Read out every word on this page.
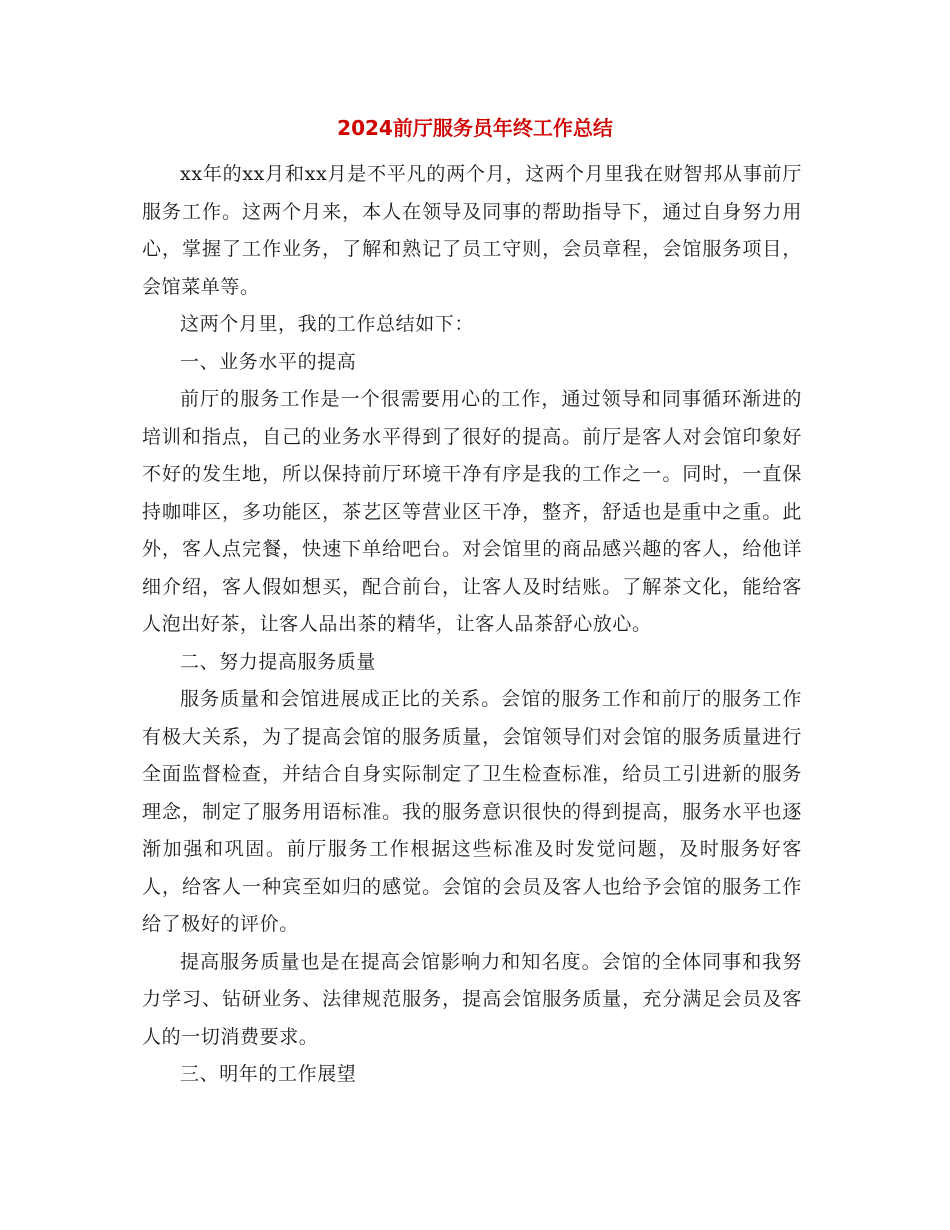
2024前厅服务员年终工作总结

xx年的xx月和xx月是不平凡的两个月，这两个月里我在财智邦从事前厅服务工作。这两个月来，本人在领导及同事的帮助指导下，通过自身努力用心，掌握了工作业务，了解和熟记了员工守则，会员章程，会馆服务项目，会馆菜单等。

这两个月里，我的工作总结如下：

一、业务水平的提高

前厅的服务工作是一个很需要用心的工作，通过领导和同事循环渐进的培训和指点，自己的业务水平得到了很好的提高。前厅是客人对会馆印象好不好的发生地，所以保持前厅环境干净有序是我的工作之一。同时，一直保持咖啡区，多功能区，茶艺区等营业区干净，整齐，舒适也是重中之重。此外，客人点完餐，快速下单给吧台。对会馆里的商品感兴趣的客人，给他详细介绍，客人假如想买，配合前台，让客人及时结账。了解茶文化，能给客人泡出好茶，让客人品出茶的精华，让客人品茶舒心放心。

二、努力提高服务质量

服务质量和会馆进展成正比的关系。会馆的服务工作和前厅的服务工作有极大关系，为了提高会馆的服务质量，会馆领导们对会馆的服务质量进行全面监督检查，并结合自身实际制定了卫生检查标准，给员工引进新的服务理念，制定了服务用语标准。我的服务意识很快的得到提高，服务水平也逐渐加强和巩固。前厅服务工作根据这些标准及时发觉问题，及时服务好客人，给客人一种宾至如归的感觉。会馆的会员及客人也给予会馆的服务工作给了极好的评价。

提高服务质量也是在提高会馆影响力和知名度。会馆的全体同事和我努力学习、钻研业务、法律规范服务，提高会馆服务质量，充分满足会员及客人的一切消费要求。

三、明年的工作展望
